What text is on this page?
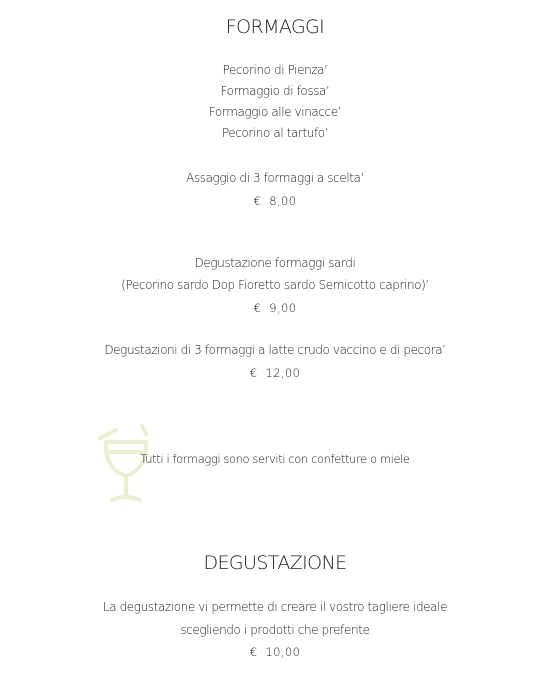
FORMAGGI
Pecorino di Pienza’
Formaggio di fossa’
Formaggio alle vinacce’
Pecorino al tartufo’
Assaggio di 3 formaggi a scelta’
€ 8,00
Degustazione formaggi sardi
(Pecorino sardo Dop Fioretto sardo Semicotto caprino)’
€ 9,00
Degustazioni di 3 formaggi a latte crudo vaccino e di pecora’
€ 12,00
Tutti i formaggi sono serviti con confetture o miele
DEGUSTAZIONE
La degustazione vi permette di creare il vostro tagliere ideale
scegliendo i prodotti che preferite
€ 10,00
